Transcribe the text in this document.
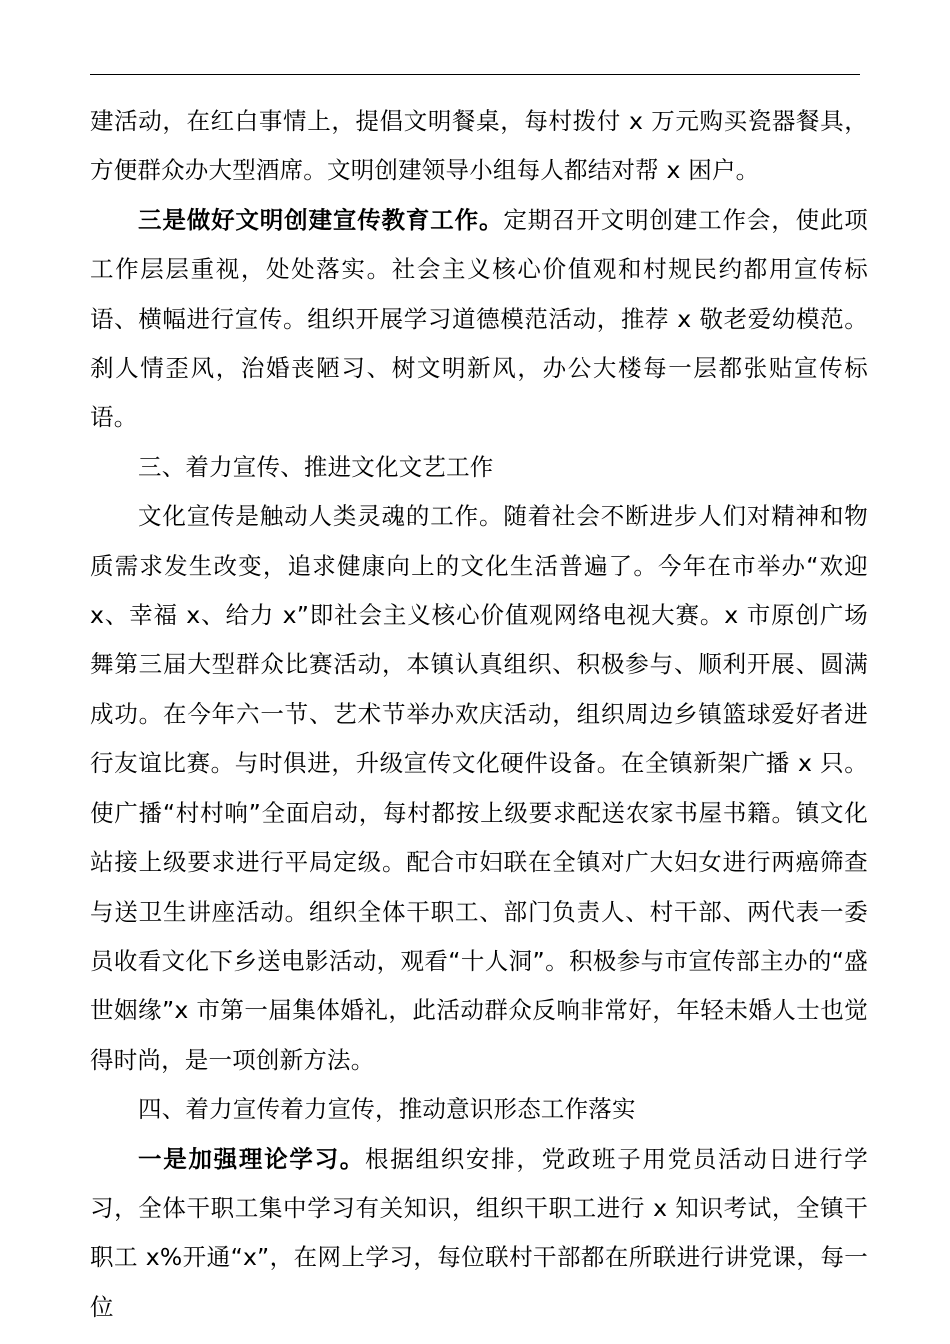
建活动，在红白事情上，提倡文明餐桌，每村拨付 x 万元购买瓷器餐具，方便群众办大型酒席。文明创建领导小组每人都结对帮 x 困户。

三是做好文明创建宣传教育工作。定期召开文明创建工作会，使此项工作层层重视，处处落实。社会主义核心价值观和村规民约都用宣传标语、横幅进行宣传。组织开展学习道德模范活动，推荐 x 敬老爱幼模范。刹人情歪风，治婚丧陋习、树文明新风，办公大楼每一层都张贴宣传标语。

三、着力宣传、推进文化文艺工作

文化宣传是触动人类灵魂的工作。随着社会不断进步人们对精神和物质需求发生改变，追求健康向上的文化生活普遍了。今年在市举办“欢迎 x、幸福 x、给力 x”即社会主义核心价值观网络电视大赛。x 市原创广场舞第三届大型群众比赛活动，本镇认真组织、积极参与、顺利开展、圆满成功。在今年六一节、艺术节举办欢庆活动，组织周边乡镇篮球爱好者进行友谊比赛。与时俱进，升级宣传文化硬件设备。在全镇新架广播 x 只。使广播“村村响”全面启动，每村都按上级要求配送农家书屋书籍。镇文化站接上级要求进行平局定级。配合市妇联在全镇对广大妇女进行两癌筛查与送卫生讲座活动。组织全体干职工、部门负责人、村干部、两代表一委员收看文化下乡送电影活动，观看“十人洞”。积极参与市宣传部主办的“盛世姻缘”x 市第一届集体婚礼，此活动群众反响非常好，年轻未婚人士也觉得时尚，是一项创新方法。

四、着力宣传着力宣传，推动意识形态工作落实

一是加强理论学习。根据组织安排，党政班子用党员活动日进行学习，全体干职工集中学习有关知识，组织干职工进行 x 知识考试，全镇干职工 x%开通“x”，在网上学习，每位联村干部都在所联进行讲党课，每一位
